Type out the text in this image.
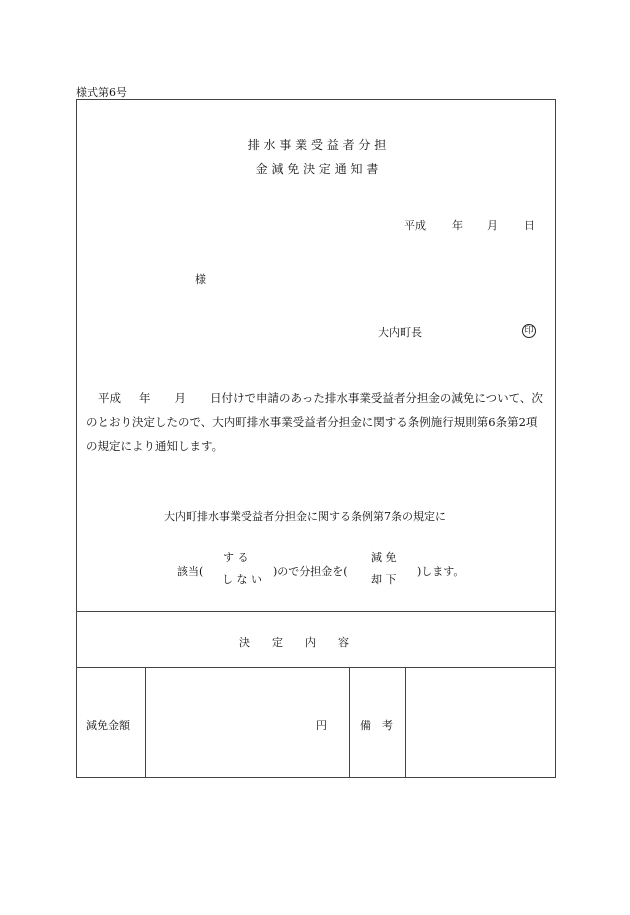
様式第6号
排 水 事 業 受 益 者 分 担
金 減 免 決 定 通 知 書
平成 年 月 日
様
大内町長	印
平成 年 月 日付けで申請のあった排水事業受益者分担金の減免について、次のとおり決定したので、大内町排水事業受益者分担金に関する条例施行規則第6条第2項の規定により通知します。
大内町排水事業受益者分担金に関する条例第7条の規定に
該当(
す る
し な い
)ので分担金を(
減 免
却 下
)します。
決　　定　　内　　容
減免金額	円	備　考
